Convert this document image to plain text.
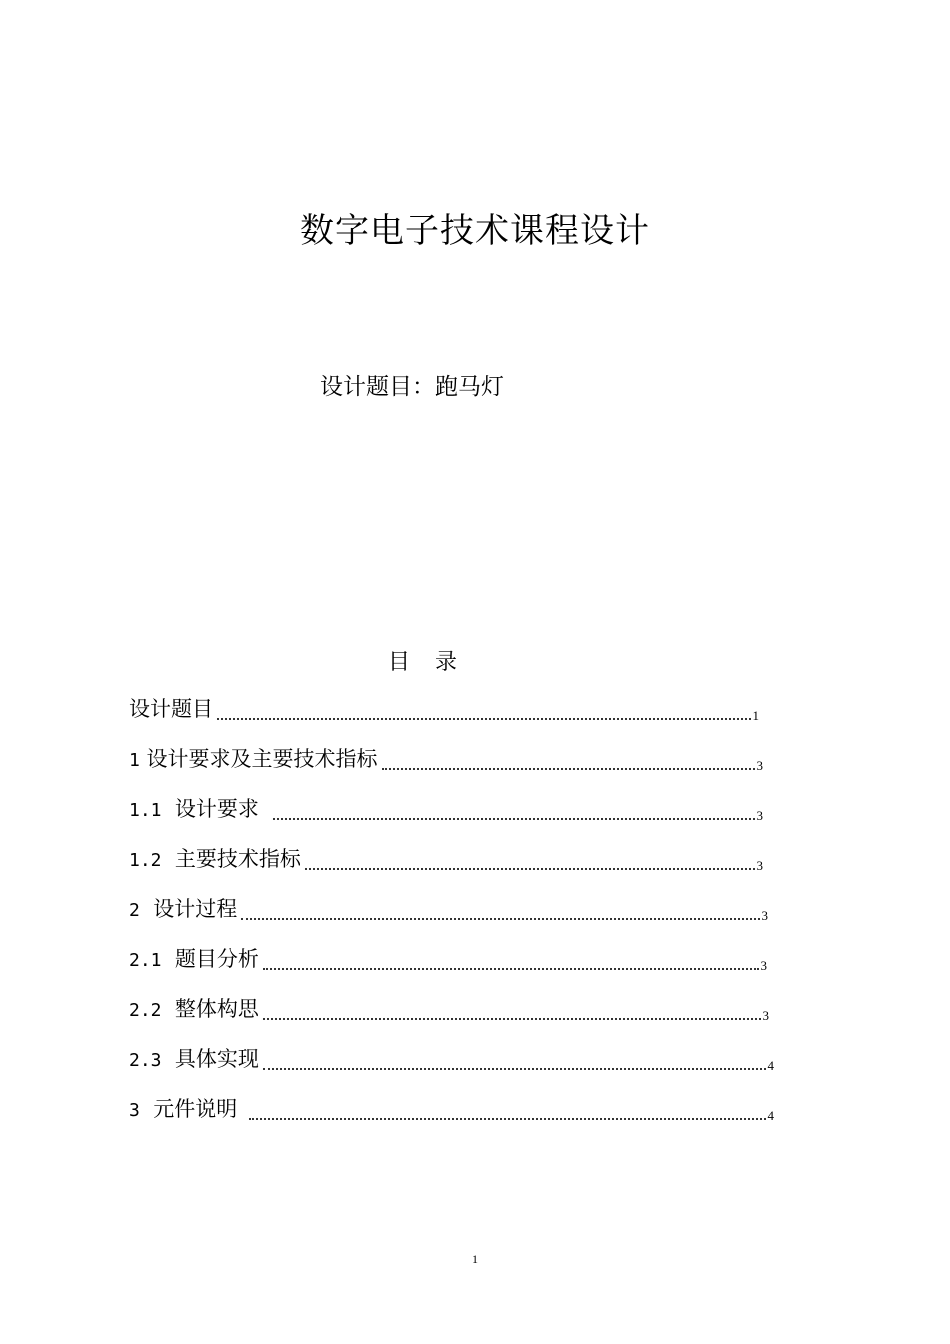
数字电子技术课程设计
设计题目：跑马灯
目 录
设计题目	1
1 设计要求及主要技术指标	3
1.1 设计要求	3
1.2 主要技术指标	3
2 设计过程	3
2.1 题目分析	3
2.2 整体构思	3
2.3 具体实现	4
3 元件说明	4
1
